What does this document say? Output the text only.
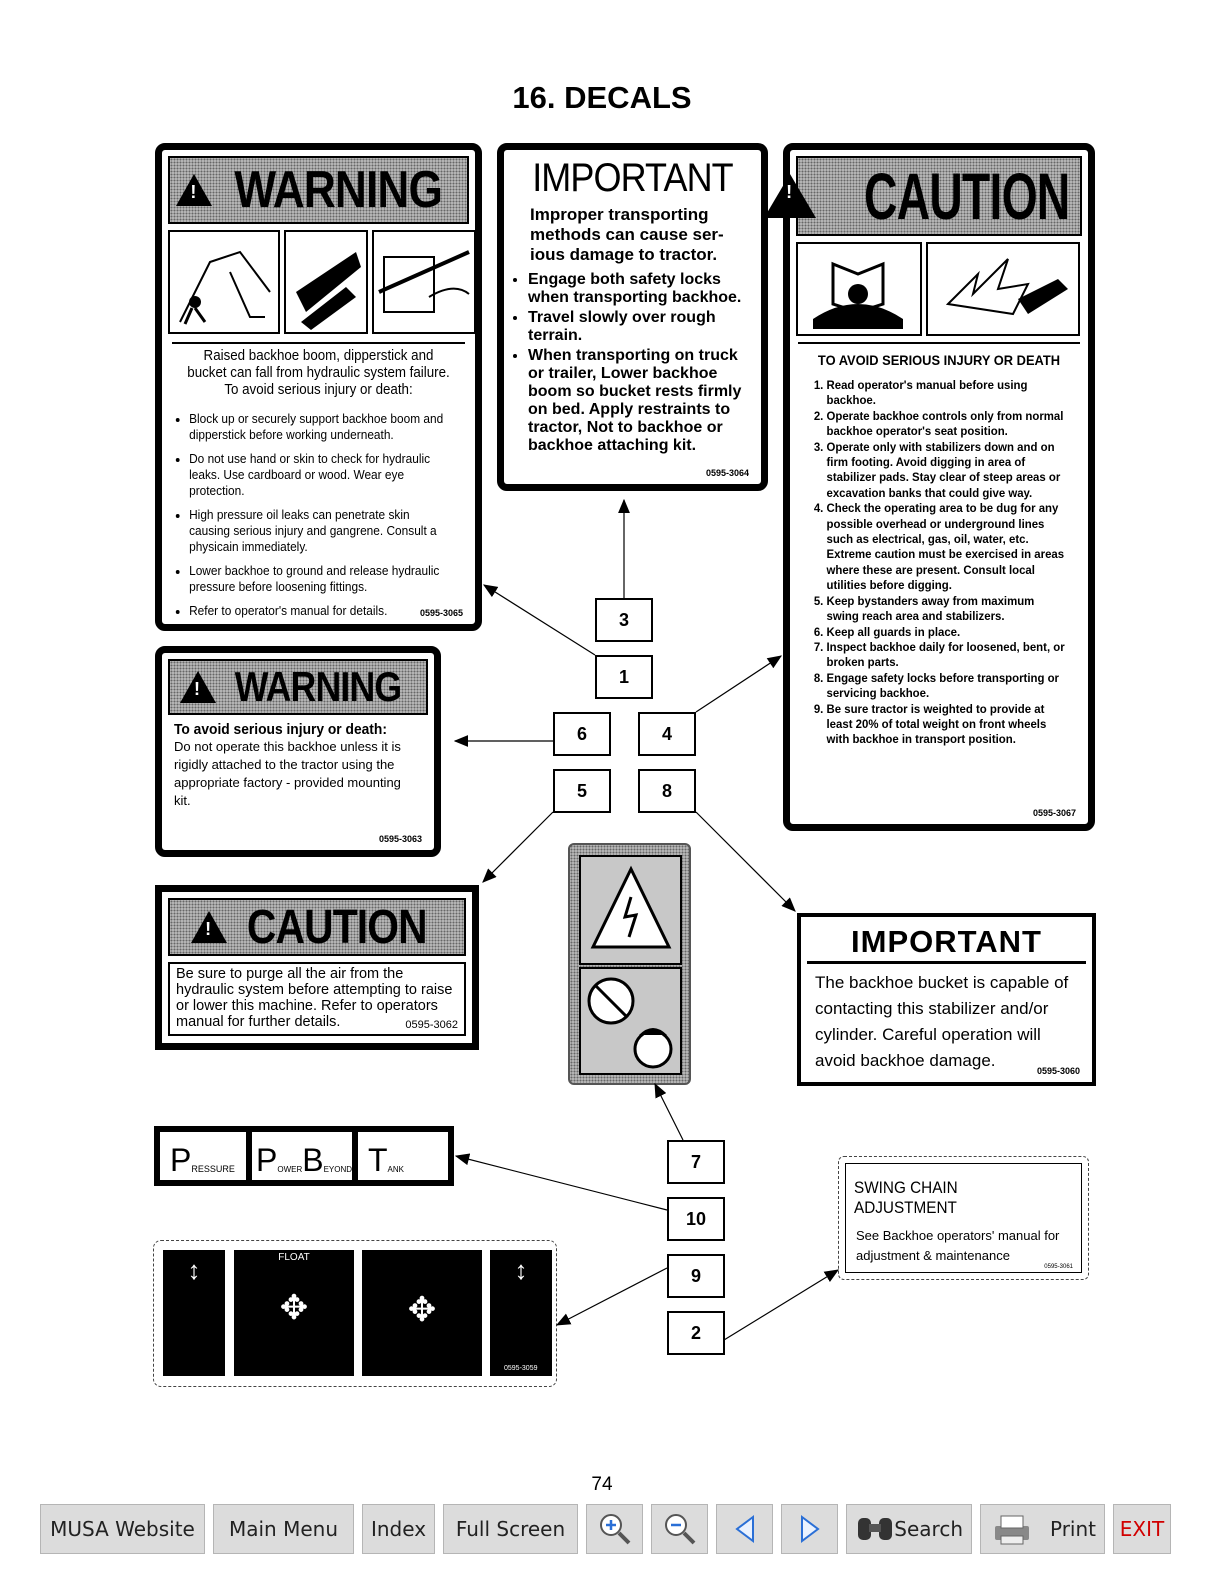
16. DECALS
!
WARNING
Raised backhoe boom, dipperstick and bucket can fall from hydraulic system failure. To avoid serious injury or death:
• Block up or securely support backhoe boom and dipperstick before working underneath.
• Do not use hand or skin to check for hydraulic leaks. Use cardboard or wood. Wear eye protection.
• High pressure oil leaks can penetrate skin causing serious injury and gangrene. Consult a physicain immediately.
• Lower backhoe to ground and release hydraulic pressure before loosening fittings.
• Refer to operator's manual for details.	0595-3065
IMPORTANT
Improper transporting methods can cause ser-ious damage to tractor.
• Engage both safety locks when transporting backhoe.
• Travel slowly over rough terrain.
• When transporting on truck or trailer, Lower backhoe boom so bucket rests firmly on bed. Apply restraints to tractor, Not to backhoe or backhoe attaching kit.
0595-3064
!
CAUTION
TO AVOID SERIOUS INJURY OR DEATH
1. Read operator's manual before using backhoe.
2. Operate backhoe controls only from normal backhoe operator's seat position.
3. Operate only with stabilizers down and on firm footing. Avoid digging in area of stabilizer pads. Stay clear of steep areas or excavation banks that could give way.
4. Check the operating area to be dug for any possible overhead or underground lines such as electrical, gas, oil, water, etc. Extreme caution must be exercised in areas where these are present. Consult local utilities before digging.
5. Keep bystanders away from maximum swing reach area and stabilizers.
6. Keep all guards in place.
7. Inspect backhoe daily for loosened, bent, or broken parts.
8. Engage safety locks before transporting or servicing backhoe.
9. Be sure tractor is weighted to provide at least 20% of total weight on front wheels with backhoe in transport position.
0595-3067
!
WARNING
To avoid serious injury or death:
Do not operate this backhoe unless it is rigidly attached to the tractor using the appropriate factory - provided mounting kit.
0595-3063
!
CAUTION
Be sure to purge all the air from the hydraulic system before attempting to raise or lower this machine. Refer to operators manual for further details.	0595-3062
IMPORTANT
The backhoe bucket is capable of contacting this stabilizer and/or cylinder. Careful operation will avoid backhoe damage.
0595-3060
P RESSURE P OWER B EYOND T ANK
↕	FLOAT
✥	✥
↕
0595-3059
SWING CHAIN ADJUSTMENT
See Backhoe operators' manual for adjustment & maintenance
0595-3061
3
1
6	4
5	8
7
10
9
2
74
MUSA Website	Main Menu	Index	Full Screen	Search	Print	EXIT
